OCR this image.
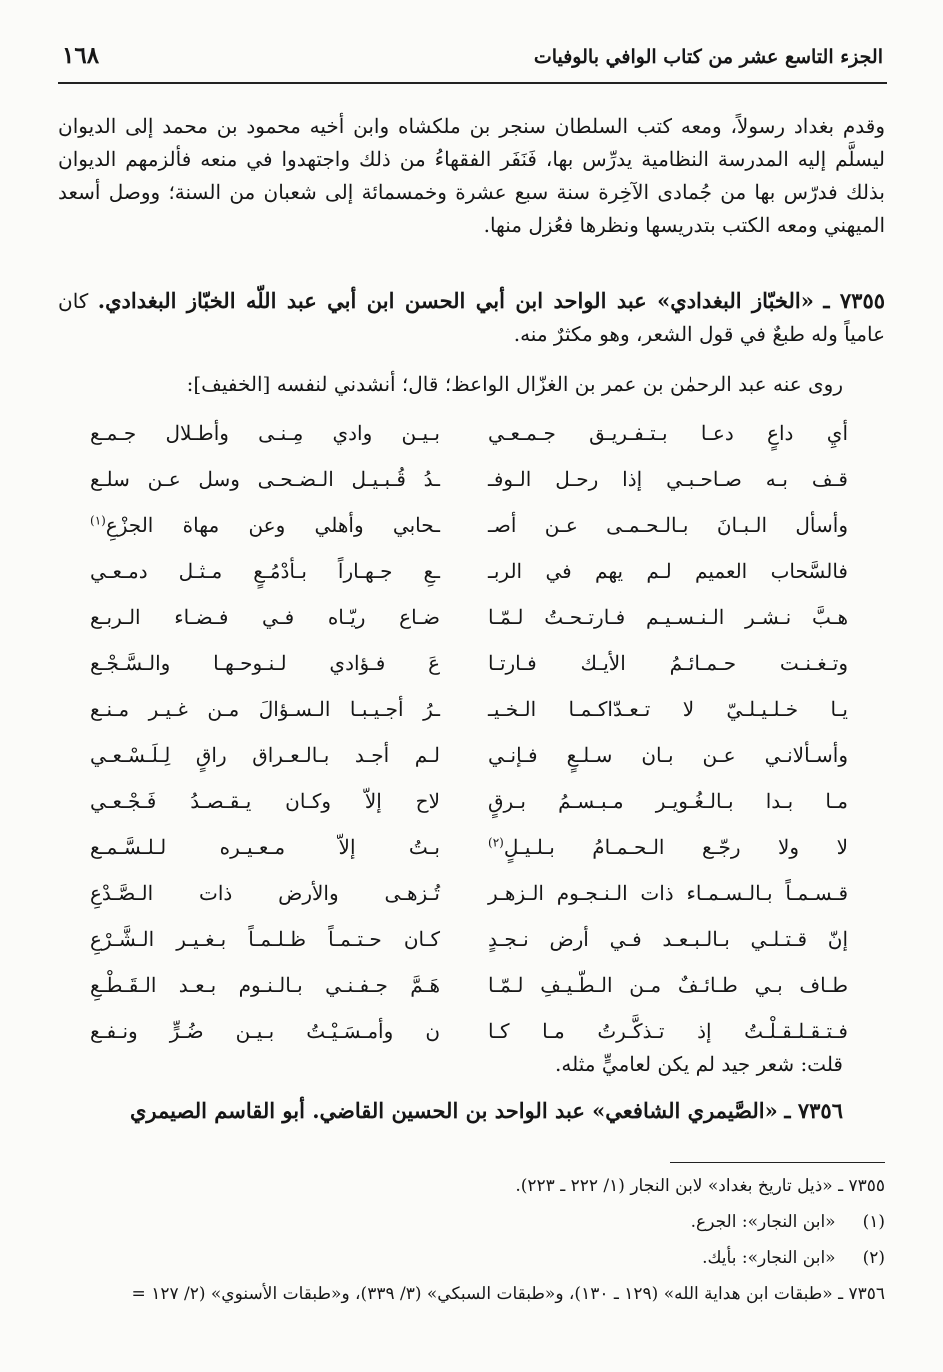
١٦٨	الجزء التاسع عشر من كتاب الوافي بالوفيات
وقدم بغداد رسولاً، ومعه كتب السلطان سنجر بن ملكشاه وابن أخيه محمود بن محمد إلى الديوان ليسلَّم إليه المدرسة النظامية يدرِّس بها، فَنَفَر الفقهاءُ من ذلك واجتهدوا في منعه فألزمهم الديوان بذلك فدرّس بها من جُمادى الآخِرة سنة سبع عشرة وخمسمائة إلى شعبان من السنة؛ ووصل أسعد الميهني ومعه الكتب بتدريسها ونظرها فعُزل منها.
٧٣٥٥ ـ «الخبّاز البغدادي» عبد الواحد ابن أبي الحسن ابن أبي عبد اللّه الخبّاز البغدادي. كان عامياً وله طبعٌ في قول الشعر، وهو مكثرٌ منه.
روى عنه عبد الرحمٰن بن عمر بن الغزّال الواعظ؛ قال؛ أنشدني لنفسه [الخفيف]:
أيِ داعٍ دعـا بـتـفـريـق جـمـعـي
بـيـن وادي مِـنـى وأطـلال جـمـع
قـف بـه صـاحـبـي إذا رحـل الـوفـ
ـدُ قُـبـيـل الـضـحـى وسل عـن سلـع
وأسأل الـبـانَ بـالـحـمـى عـن أصـ
ـحابي وأهلي وعن مهاة الجزْعِ$^{(١)}$
فالسَّحاب العميم لـم يهم في الربـ
ـعِ جـهـاراً بـأدْمُـعٍ مـثـل دمـعـي
هـبَّ نـشـر الـنـسـيـم فـارتـحـتُ لـمّـا
ضـاع ريّـاه فـي فـضـاء الـربـع
وتـغـنـت حـمـائـمُ الأيـك فـارتـا
عَ فـؤادي لـنـوحـهـا والـسَّـجْـع
يـا خـلـيـلـيّ لا تـعـدّاكـمـا الـخـيـ
ـرُ أجـيـبـا الـسـؤالَ مـن غـيـر مـنـع
وأسـألانـي عـن بـان سـلـعٍ فـإنـي
لـم أجـد بـالـعـراق راقٍ لِـلَـسْـعـي
مـا بـدا بـالـغُـويـر مـبـسـمُ بـرقٍ
لاح إلاّ وكـان يـقـصـدُ فَـجْـعـي
لا ولا رجّـع الـحـمـامُ بـلـيـلٍ$^{(٢)}$
بـتُ إلاّ مـعـيـره لـلـسَّـمـع
قـسـمـاً بـالـسـمـاء ذات الـنـجـوم الـزهـر
تُـزهـى والأرض ذات الـصَّـدْعِ
إنّ قـتـلـي بـالـبـعـد فـي أرض نـجـدٍ
كـان حـتـمـاً ظـلـمـاً بـغـيـر الـشَّـرْعِ
طـاف بـي طـائـفٌ مـن الـطّـيـفِ لـمّـا
هَـمَّ جـفـنـي بـالـنـوم بـعـد الـقَـطْـعِ
فـتـقـلـقـلْـتُ إذ تـذكَّـرتُ مـا كـا
ن وأمـسَـيْـتُ بـيـن ضُـرٍّ ونـفـع
قلت: شعر جيد لم يكن لعاميٍّ مثله.
٧٣٥٦ ـ «الصَّيمري الشافعي» عبد الواحد بن الحسين القاضي. أبو القاسم الصيمري
٧٣٥٥ ـ «ذيل تاريخ بغداد» لابن النجار (١/ ٢٢٢ ـ ٢٢٣).
(١) «ابن النجار»: الجرع.
(٢) «ابن النجار»: بأيك.
٧٣٥٦ ـ «طبقات ابن هداية الله» (١٢٩ ـ ١٣٠)، و«طبقات السبكي» (٣/ ٣٣٩)، و«طبقات الأسنوي» (٢/ ١٢٧ =
